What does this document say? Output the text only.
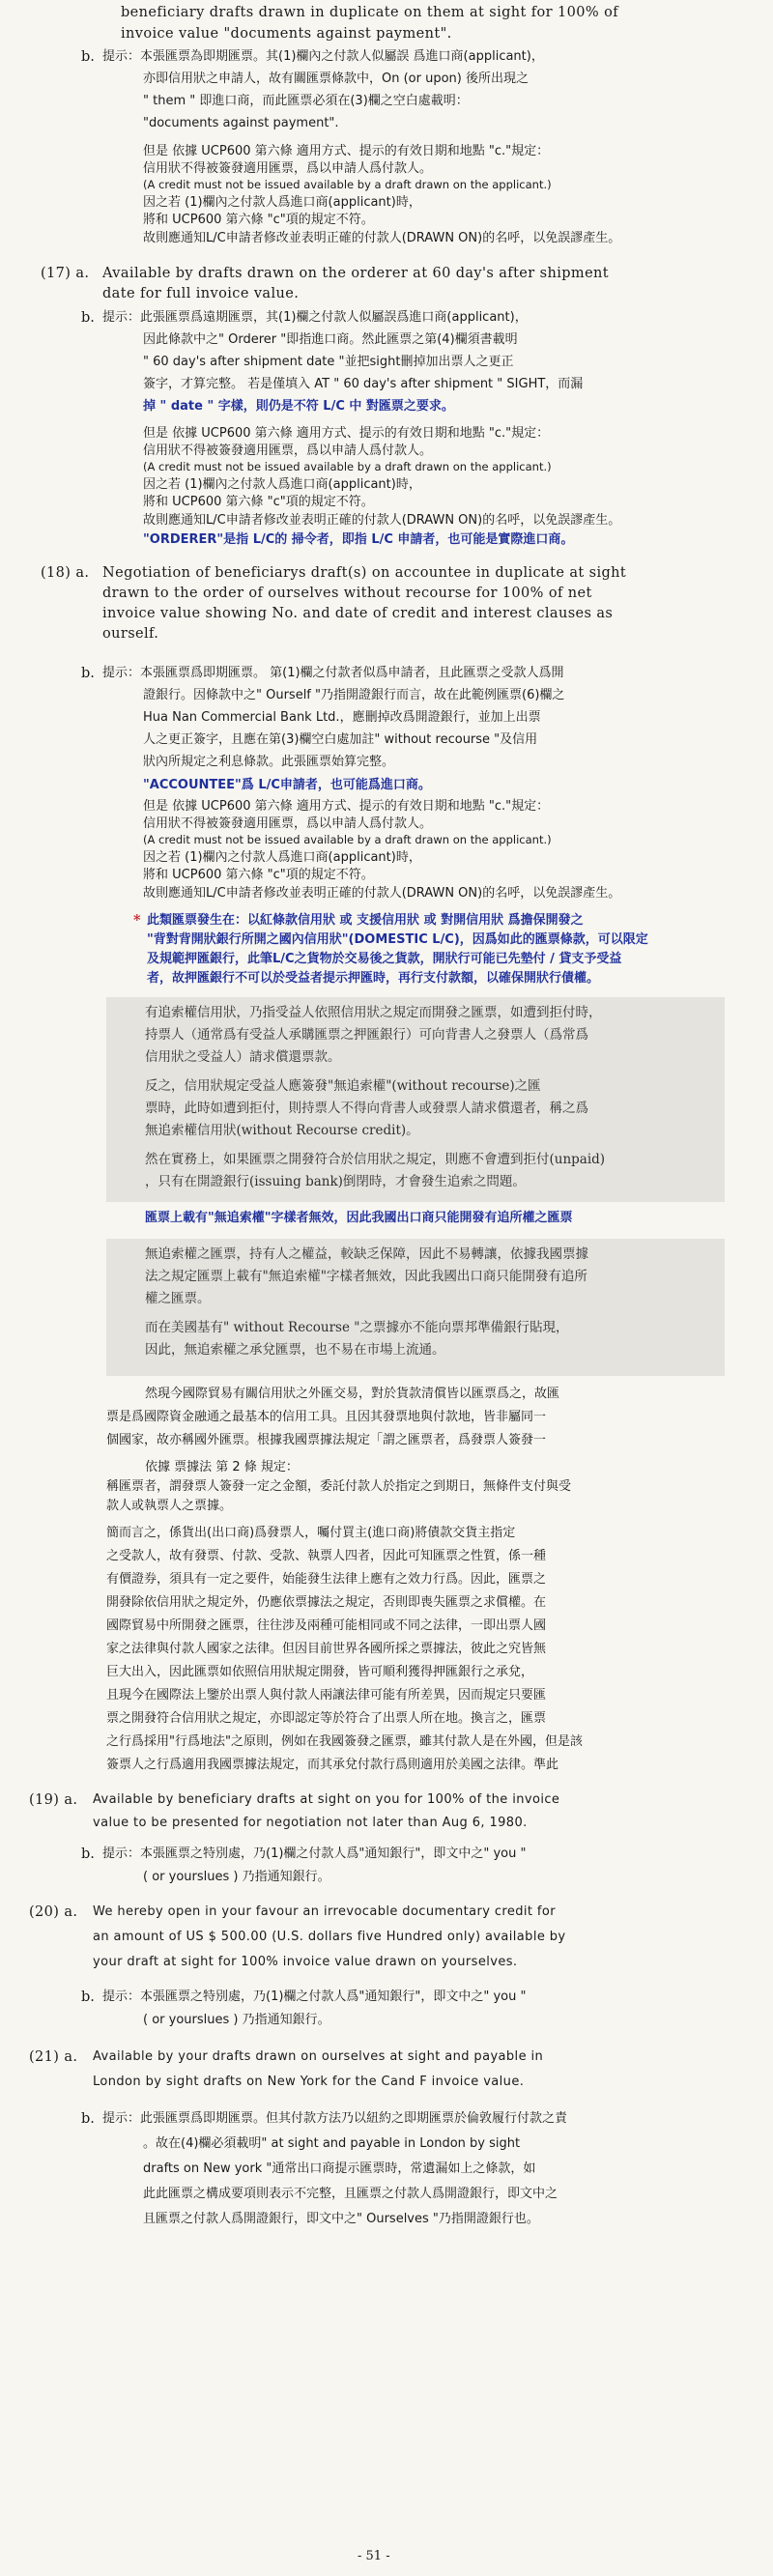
beneficiary drafts drawn in duplicate on them at sight for 100% of
invoice value "documents against payment".
b. 提示：本張匯票為即期匯票。其(1)欄內之付款人似屬誤 爲進口商(applicant)，
亦即信用狀之申請人，故有關匯票條款中，On (or upon) 後所出現之
" them " 即進口商，而此匯票必須在(3)欄之空白處載明：
"documents against payment".
但是 依據 UCP600 第六條 適用方式、提示的有效日期和地點 "c."規定：
信用狀不得被簽發適用匯票，爲以申請人爲付款人。
(A credit must not be issued available by a draft drawn on the applicant.)
因之若 (1)欄內之付款人爲進口商(applicant)時，
將和 UCP600 第六條 "c"項的規定不符。
故則應通知L/C申請者修改並表明正確的付款人(DRAWN ON)的名呼，以免誤謬產生。
(17) a. Available by drafts drawn on the orderer at 60 day's after shipment
date for full invoice value.
b. 提示：此張匯票爲遠期匯票，其(1)欄之付款人似屬誤爲進口商(applicant)，
因此條款中之" Orderer "即指進口商。然此匯票之第(4)欄須書載明
" 60 day's after shipment date "並把sight刪掉加出票人之更正
簽字，才算完整。 若是僅填入 AT " 60 day's after shipment " SIGHT，而漏
掉 " date " 字樣，則仍是不符 L/C 中 對匯票之要求。
但是 依據 UCP600 第六條 適用方式、提示的有效日期和地點 "c."規定：
信用狀不得被簽發適用匯票，爲以申請人爲付款人。
(A credit must not be issued available by a draft drawn on the applicant.)
因之若 (1)欄內之付款人爲進口商(applicant)時，
將和 UCP600 第六條 "c"項的規定不符。
故則應通知L/C申請者修改並表明正確的付款人(DRAWN ON)的名呼，以免誤謬產生。
"ORDERER"是指 L/C的 掃令者，即指 L/C 申請者，也可能是實際進口商。
(18) a. Negotiation of beneficiarys draft(s) on accountee in duplicate at sight
drawn to the order of ourselves without recourse for 100% of net
invoice value showing No. and date of credit and interest clauses as
ourself.
b. 提示：本張匯票爲即期匯票。 第(1)欄之付款者似爲申請者，且此匯票之受款人爲開
證銀行。因條款中之" Ourself "乃指開證銀行而言，故在此範例匯票(6)欄之
Hua Nan Commercial Bank Ltd.，應刪掉改爲開證銀行，並加上出票
人之更正簽字，且應在第(3)欄空白處加註" without recourse "及信用
狀內所規定之利息條款。此張匯票始算完整。
"ACCOUNTEE"爲 L/C申請者，也可能爲進口商。
但是 依據 UCP600 第六條 適用方式、提示的有效日期和地點 "c."規定：
信用狀不得被簽發適用匯票，爲以申請人爲付款人。
(A credit must not be issued available by a draft drawn on the applicant.)
因之若 (1)欄內之付款人爲進口商(applicant)時，
將和 UCP600 第六條 "c"項的規定不符。
故則應通知L/C申請者修改並表明正確的付款人(DRAWN ON)的名呼，以免誤謬產生。
* 此類匯票發生在：以紅條款信用狀 或 支援信用狀 或 對開信用狀 爲擔保開發之
"背對背開狀銀行所開之國內信用狀"(DOMESTIC L/C)，因爲如此的匯票條款，可以限定
及規範押匯銀行，此筆L/C之貨物於交易後之貨款，開狀行可能已先墊付 / 貸支予受益
者，故押匯銀行不可以於受益者提示押匯時，再行支付款額，以確保開狀行債權。
有追索權信用狀，乃指受益人依照信用狀之規定而開發之匯票，如遭到拒付時，
持票人（通常爲有受益人承購匯票之押匯銀行）可向背書人之發票人（爲常爲
信用狀之受益人）請求償還票款。
反之，信用狀規定受益人應簽發"無追索權"(without recourse)之匯
票時，此時如遭到拒付，則持票人不得向背書人或發票人請求償還者，稱之爲
無追索權信用狀(without Recourse credit)。
然在實務上，如果匯票之開發符合於信用狀之規定，則應不會遭到拒付(unpaid)
，只有在開證銀行(issuing bank)倒閉時，才會發生追索之問題。
匯票上載有"無追索權"字樣者無效，因此我國出口商只能開發有追所權之匯票
無追索權之匯票，持有人之權益，較缺乏保障，因此不易轉讓，依據我國票據
法之規定匯票上載有"無追索權"字樣者無效，因此我國出口商只能開發有追所
權之匯票。
而在美國基有" without Recourse "之票據亦不能向票邦準備銀行貼現，
因此，無追索權之承兌匯票，也不易在市場上流通。
然現今國際貿易有關信用狀之外匯交易，對於貨款清償皆以匯票爲之，故匯
票是爲國際資金融通之最基本的信用工具。且因其發票地與付款地，皆非屬同一
個國家，故亦稱國外匯票。根據我國票據法規定「謂之匯票者，爲發票人簽發一
依據 票據法 第 2 條 規定：
稱匯票者，謂發票人簽發一定之金額，委託付款人於指定之到期日，無條件支付與受
款人或執票人之票據。
簡而言之，係貨出(出口商)爲發票人，囑付買主(進口商)將債款交貨主指定
之受款人，故有發票、付款、受款、執票人四者，因此可知匯票之性質，係一種
有價證券，須具有一定之要件，始能發生法律上應有之效力行爲。因此，匯票之
開發除依信用狀之規定外，仍應依票據法之規定，否則即喪失匯票之求償權。在
國際貿易中所開發之匯票，往往涉及兩種可能相同或不同之法律，一即出票人國
家之法律與付款人國家之法律。但因目前世界各國所採之票據法，彼此之究皆無
巨大出入，因此匯票如依照信用狀規定開發，皆可順利獲得押匯銀行之承兌，
且現今在國際法上鑒於出票人與付款人兩讓法律可能有所差異，因而規定只要匯
票之開發符合信用狀之規定，亦即認定等於符合了出票人所在地。換言之，匯票
之行爲採用"行爲地法"之原則，例如在我國簽發之匯票，雖其付款人是在外國，但是該
簽票人之行爲適用我國票據法規定，而其承兌付款行爲則適用於美國之法律。準此
(19) a. Available by beneficiary drafts at sight on you for 100% of the invoice
value to be presented for negotiation not later than Aug 6, 1980.
b. 提示：本張匯票之特別處，乃(1)欄之付款人爲"通知銀行"，即文中之" you "
( or yourslues ) 乃指通知銀行。
(20) a. We hereby open in your favour an irrevocable documentary credit for
an amount of US $ 500.00 (U.S. dollars five Hundred only) available by
your draft at sight for 100% invoice value drawn on yourselves.
b. 提示：本張匯票之特別處，乃(1)欄之付款人爲"通知銀行"，即文中之" you "
( or yourslues ) 乃指通知銀行。
(21) a. Available by your drafts drawn on ourselves at sight and payable in
London by sight drafts on New York for the Cand F invoice value.
b. 提示：此張匯票爲即期匯票。但其付款方法乃以紐約之即期匯票於倫敦履行付款之責
。故在(4)欄必須載明" at sight and payable in London by sight
drafts on New york "通常出口商提示匯票時，常遺漏如上之條款，如
此此匯票之構成要項則表示不完整，且匯票之付款人爲開證銀行，即文中之
且匯票之付款人爲開證銀行，即文中之" Ourselves "乃指開證銀行也。
- 51 -
